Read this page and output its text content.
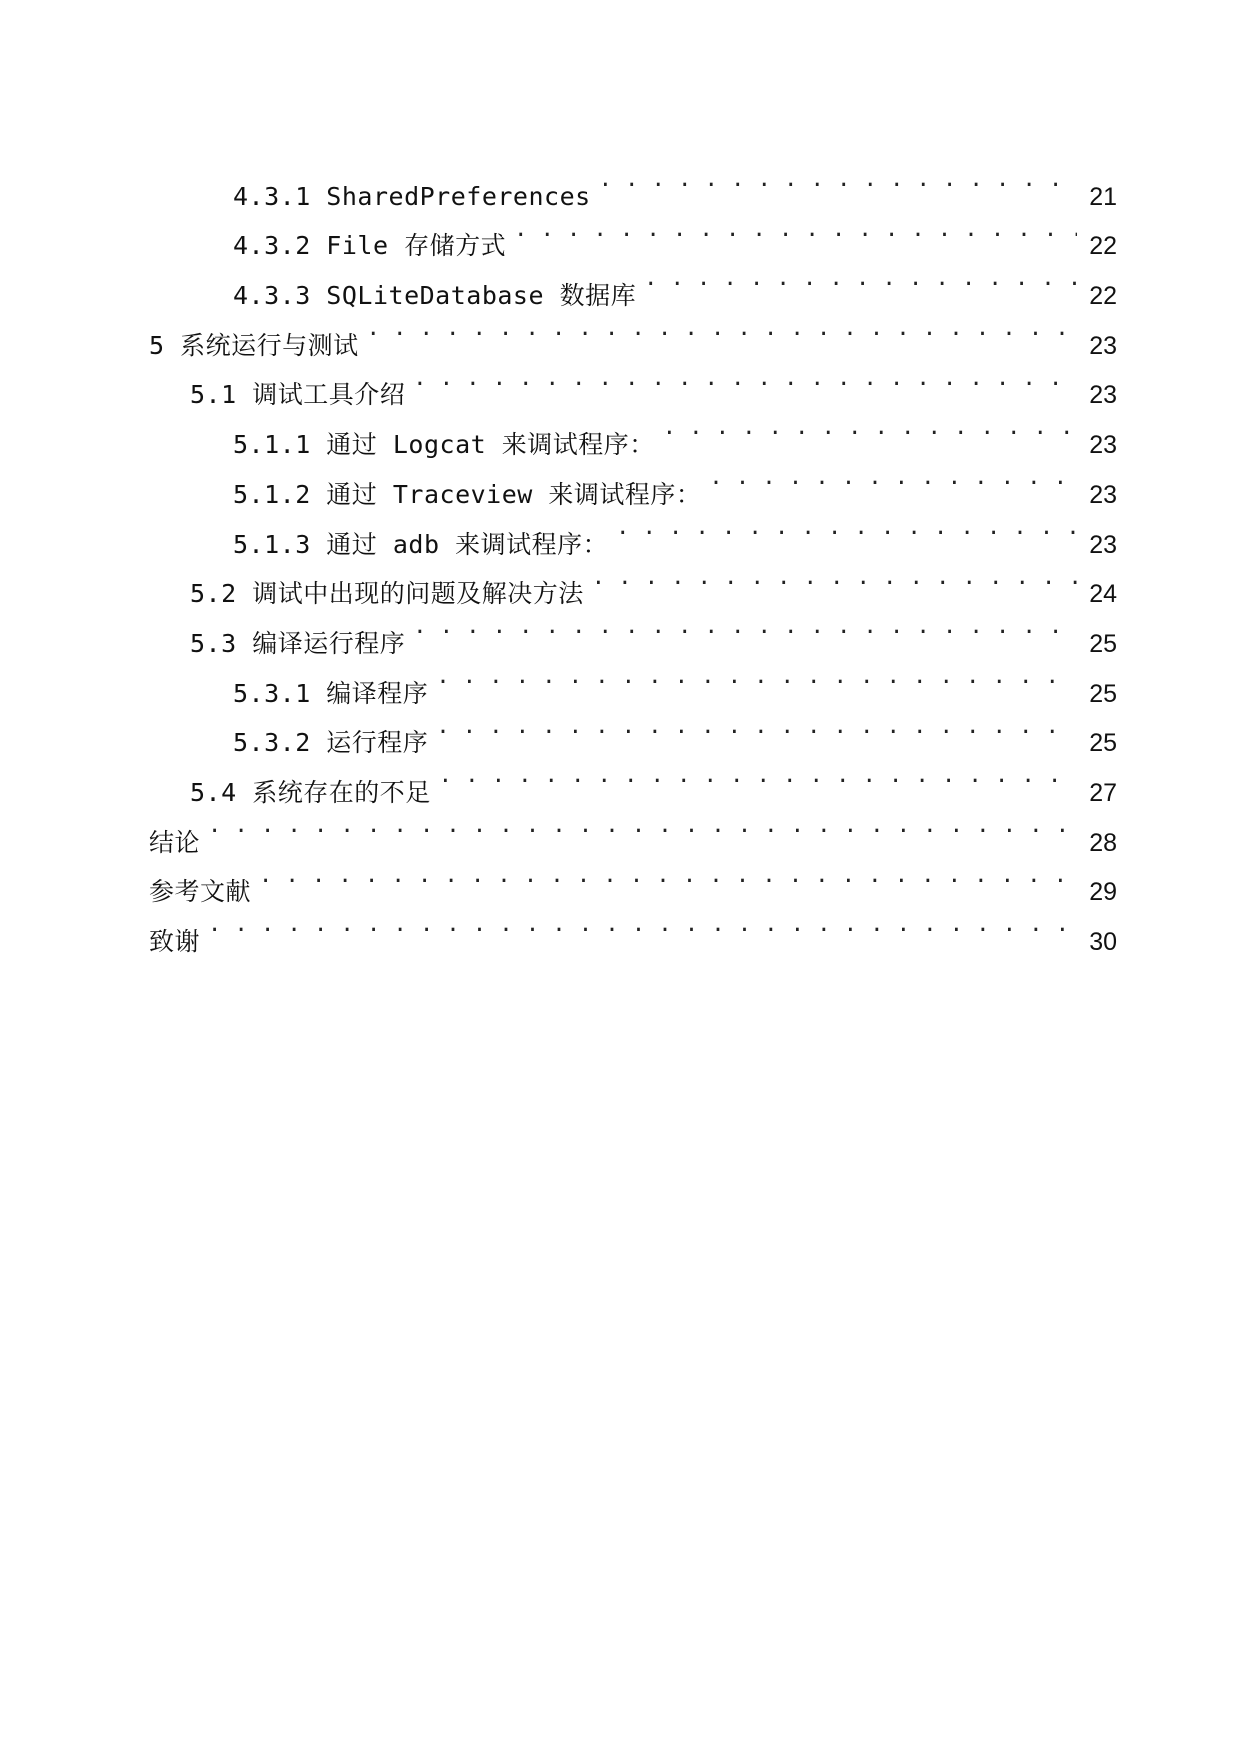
4.3.1 SharedPreferences . . .	21
4.3.2 File 存储方式 . . .	22
4.3.3 SQLiteDatabase 数据库 . . .	22
5 系统运行与测试 . . .	23
5.1 调试工具介绍 . . .	23
5.1.1 通过 Logcat 来调试程序： . . .	23
5.1.2 通过 Traceview 来调试程序： . . .	23
5.1.3 通过 adb 来调试程序： . . .	23
5.2 调试中出现的问题及解决方法 . . .	24
5.3 编译运行程序 . . .	25
5.3.1 编译程序 . . .	25
5.3.2 运行程序 . . .	25
5.4 系统存在的不足 . . .	27
结论 . . .	28
参考文献 . . .	29
致谢 . . .	30
